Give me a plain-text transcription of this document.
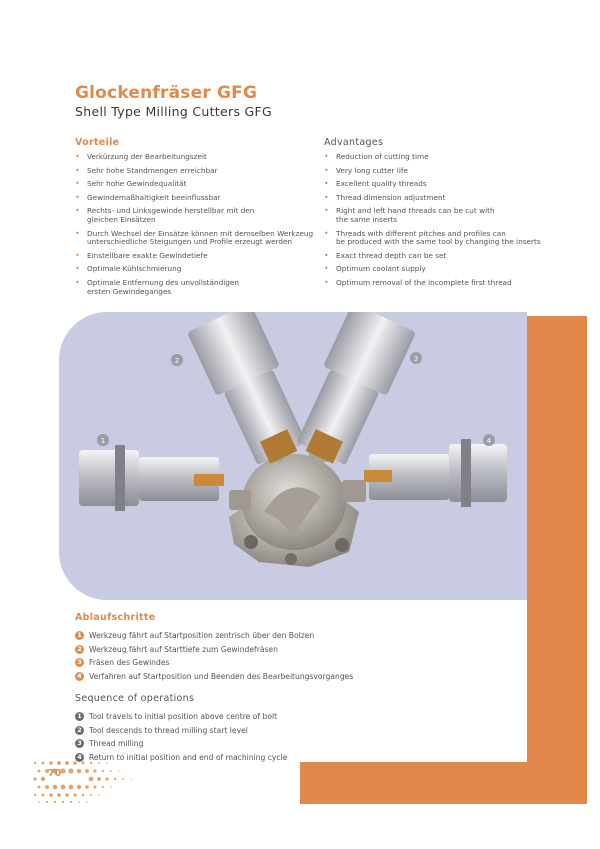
Glockenfräser GFG
Shell Type Milling Cutters GFG
Vorteile
• Verkürzung der Bearbeitungszeit
• Sehr hohe Standmengen erreichbar
• Sehr hohe Gewindequalität
• Gewindemaßhaltigkeit beeinflussbar
• Rechts- und Linksgewinde herstellbar mit den
gleichen Einsätzen
• Durch Wechsel der Einsätze können mit demselben Werkzeug
unterschiedliche Steigungen und Profile erzeugt werden
• Einstellbare exakte Gewindetiefe
• Optimale Kühlschmierung
• Optimale Entfernung des unvollständigen
ersten Gewindeganges
Advantages
• Reduction of cutting time
• Very long cutter life
• Excellent quality threads
• Thread dimension adjustment
• Right and left hand threads can be cut with
the same inserts
• Threads with different pitches and profiles can
be produced with the same tool by changing the inserts
• Exact thread depth can be set
• Optimum coolant supply
• Optimum removal of the incomplete first thread
1
2	3
4
Ablaufschritte
1 Werkzeug fährt auf Startposition zentrisch über den Bolzen
2 Werkzeug fährt auf Starttiefe zum Gewindefräsen
3 Fräsen des Gewindes
4 Verfahren auf Startposition und Beenden des Bearbeitungsvorganges
Sequence of operations
1 Tool travels to initial position above centre of bolt
2 Tool descends to thread milling start level
3 Thread milling
4 Return to initial position and end of machining cycle
70
